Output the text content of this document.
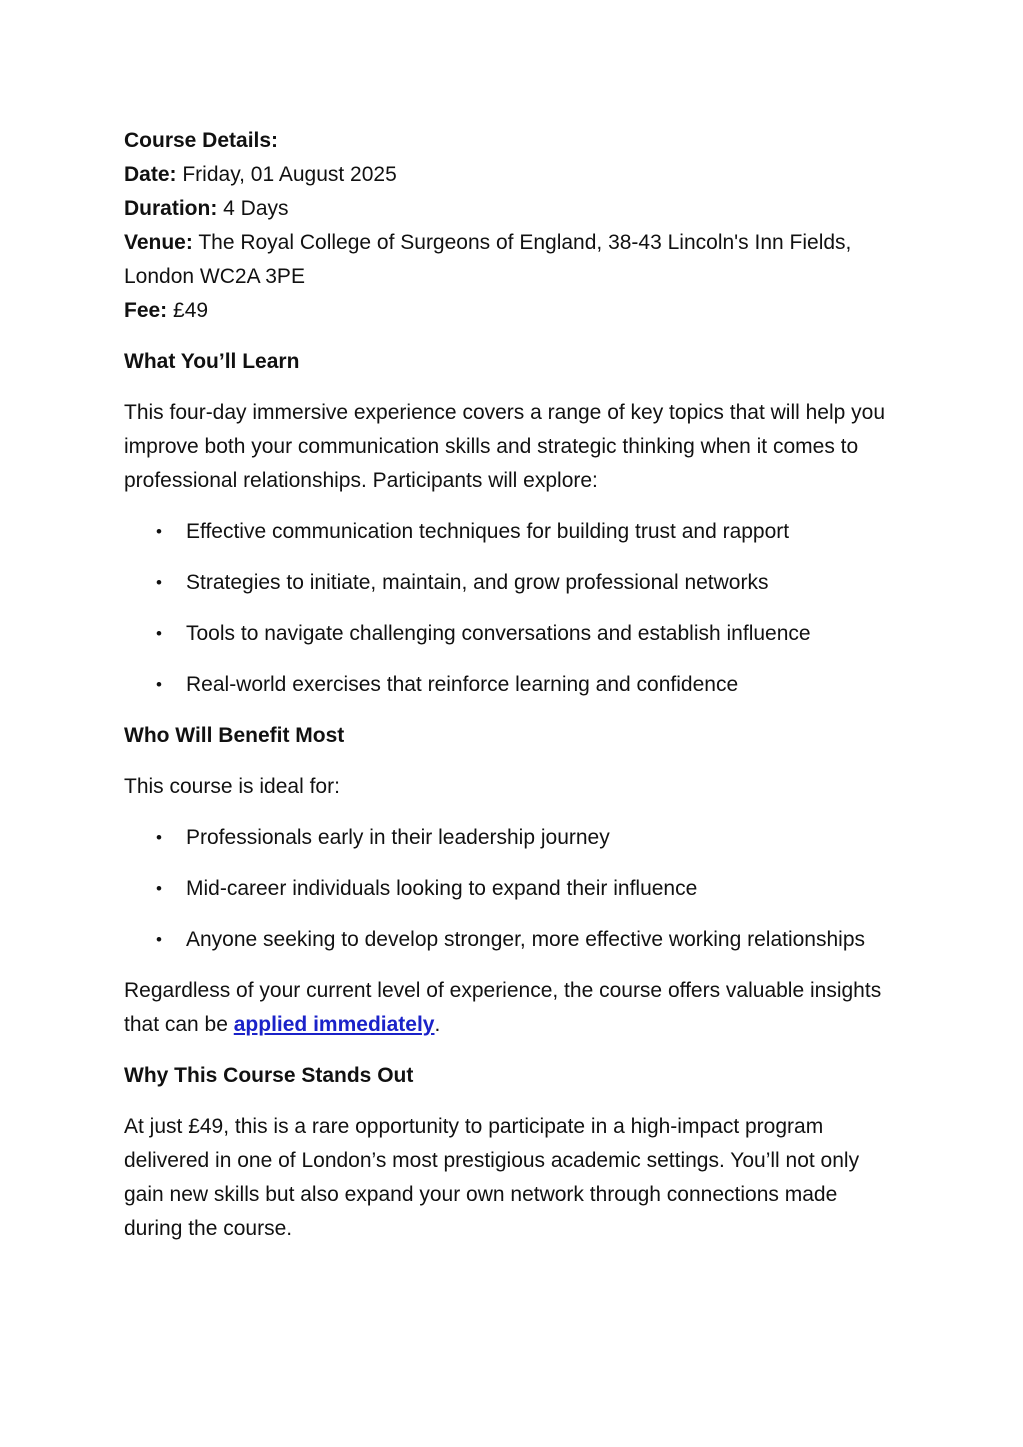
Course Details:

Date: Friday, 01 August 2025

Duration: 4 Days

Venue: The Royal College of Surgeons of England, 38-43 Lincoln's Inn Fields, London WC2A 3PE

Fee: £49

What You’ll Learn

This four-day immersive experience covers a range of key topics that will help you improve both your communication skills and strategic thinking when it comes to professional relationships. Participants will explore:

• Effective communication techniques for building trust and rapport
• Strategies to initiate, maintain, and grow professional networks
• Tools to navigate challenging conversations and establish influence
• Real-world exercises that reinforce learning and confidence

Who Will Benefit Most

This course is ideal for:

• Professionals early in their leadership journey
• Mid-career individuals looking to expand their influence
• Anyone seeking to develop stronger, more effective working relationships

Regardless of your current level of experience, the course offers valuable insights that can be applied immediately.

Why This Course Stands Out

At just £49, this is a rare opportunity to participate in a high-impact program delivered in one of London’s most prestigious academic settings. You’ll not only gain new skills but also expand your own network through connections made during the course.
